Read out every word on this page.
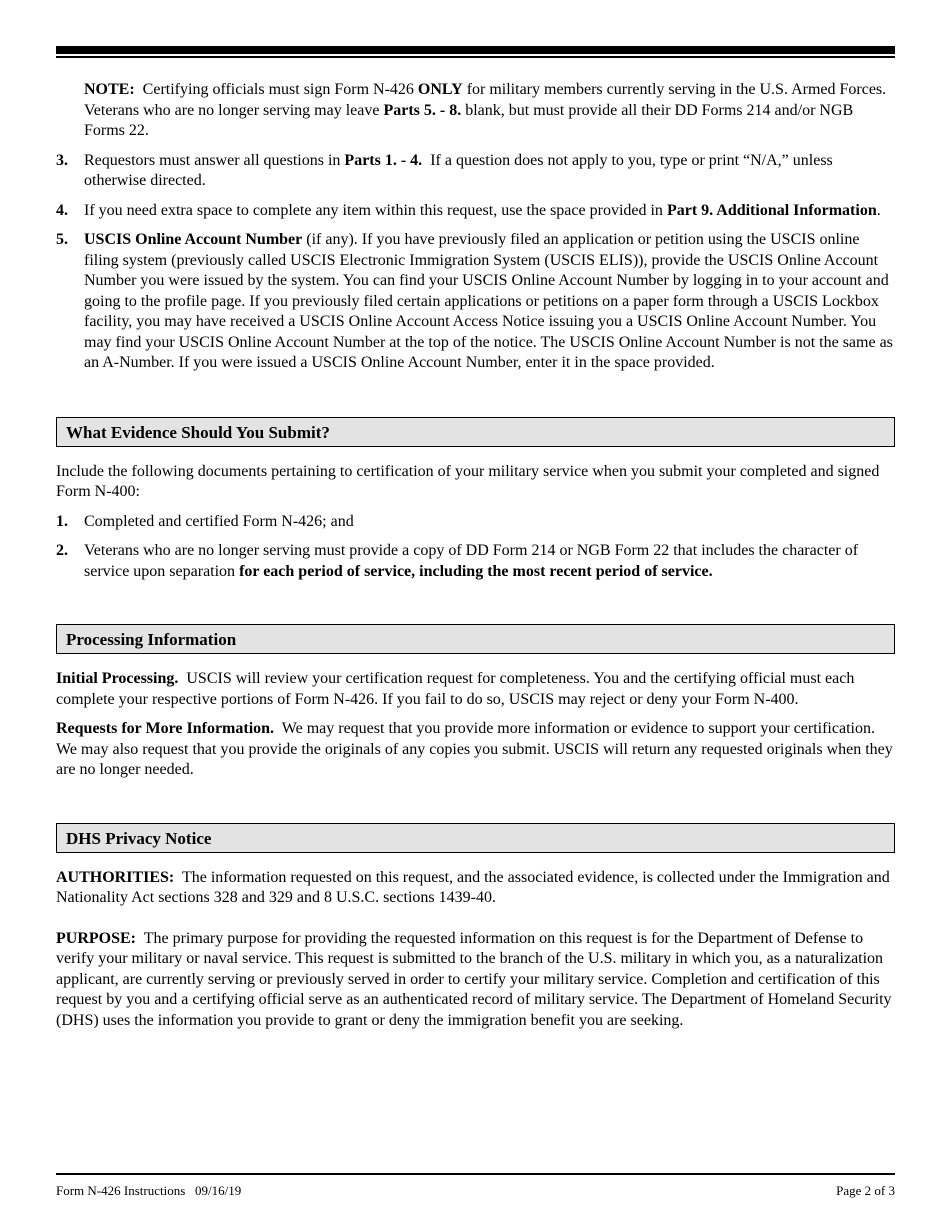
NOTE: Certifying officials must sign Form N-426 ONLY for military members currently serving in the U.S. Armed Forces. Veterans who are no longer serving may leave Parts 5. - 8. blank, but must provide all their DD Forms 214 and/or NGB Forms 22.

3. Requestors must answer all questions in Parts 1. - 4. If a question does not apply to you, type or print “N/A,” unless otherwise directed.
4. If you need extra space to complete any item within this request, use the space provided in Part 9. Additional Information.
5. USCIS Online Account Number (if any). If you have previously filed an application or petition using the USCIS online filing system (previously called USCIS Electronic Immigration System (USCIS ELIS)), provide the USCIS Online Account Number you were issued by the system. You can find your USCIS Online Account Number by logging in to your account and going to the profile page. If you previously filed certain applications or petitions on a paper form through a USCIS Lockbox facility, you may have received a USCIS Online Account Access Notice issuing you a USCIS Online Account Number. You may find your USCIS Online Account Number at the top of the notice. The USCIS Online Account Number is not the same as an A-Number. If you were issued a USCIS Online Account Number, enter it in the space provided.
What Evidence Should You Submit?

Include the following documents pertaining to certification of your military service when you submit your completed and signed Form N-400:

1. Completed and certified Form N-426; and
2. Veterans who are no longer serving must provide a copy of DD Form 214 or NGB Form 22 that includes the character of service upon separation for each period of service, including the most recent period of service.
Processing Information

Initial Processing. USCIS will review your certification request for completeness. You and the certifying official must each complete your respective portions of Form N-426. If you fail to do so, USCIS may reject or deny your Form N-400.

Requests for More Information. We may request that you provide more information or evidence to support your certification. We may also request that you provide the originals of any copies you submit. USCIS will return any requested originals when they are no longer needed.

DHS Privacy Notice

AUTHORITIES: The information requested on this request, and the associated evidence, is collected under the Immigration and Nationality Act sections 328 and 329 and 8 U.S.C. sections 1439-40.

PURPOSE: The primary purpose for providing the requested information on this request is for the Department of Defense to verify your military or naval service. This request is submitted to the branch of the U.S. military in which you, as a naturalization applicant, are currently serving or previously served in order to certify your military service. Completion and certification of this request by you and a certifying official serve as an authenticated record of military service. The Department of Homeland Security (DHS) uses the information you provide to grant or deny the immigration benefit you are seeking.

Form N-426 Instructions   09/16/19	Page 2 of 3
